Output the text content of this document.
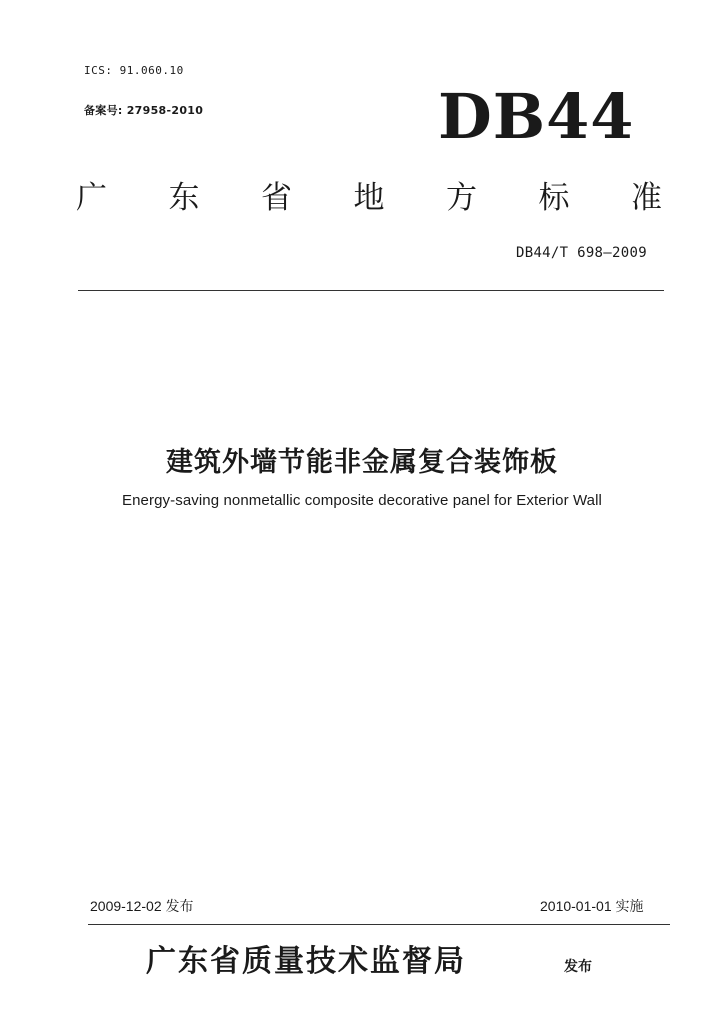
ICS: 91.060.10
备案号: 27958-2010	DB44
广 东 省 地 方 标 准
DB44/T 698—2009
建筑外墙节能非金属复合装饰板
Energy-saving nonmetallic composite decorative panel for Exterior Wall
2009-12-02 发布	2010-01-01 实施
广东省质量技术监督局	发布
